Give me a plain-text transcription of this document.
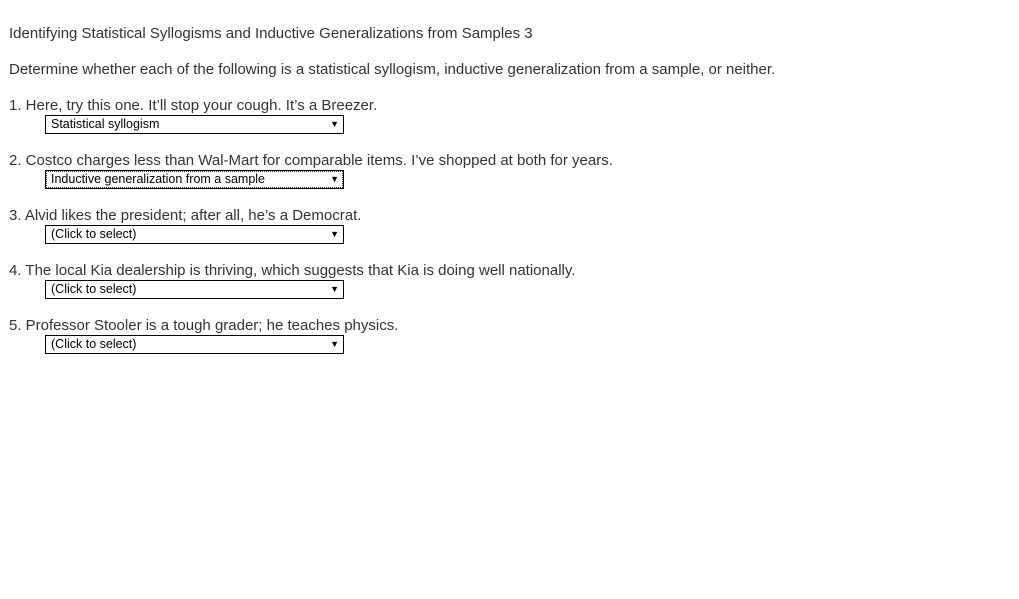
Identifying Statistical Syllogisms and Inductive Generalizations from Samples 3
Determine whether each of the following is a statistical syllogism, inductive generalization from a sample, or neither.
1. Here, try this one. It’ll stop your cough. It’s a Breezer.
Statistical syllogism	▼
2. Costco charges less than Wal-Mart for comparable items. I’ve shopped at both for years.
Inductive generalization from a sample	▼
3. Alvid likes the president; after all, he’s a Democrat.
(Click to select)	▼
4. The local Kia dealership is thriving, which suggests that Kia is doing well nationally.
(Click to select)	▼
5. Professor Stooler is a tough grader; he teaches physics.
(Click to select)	▼
